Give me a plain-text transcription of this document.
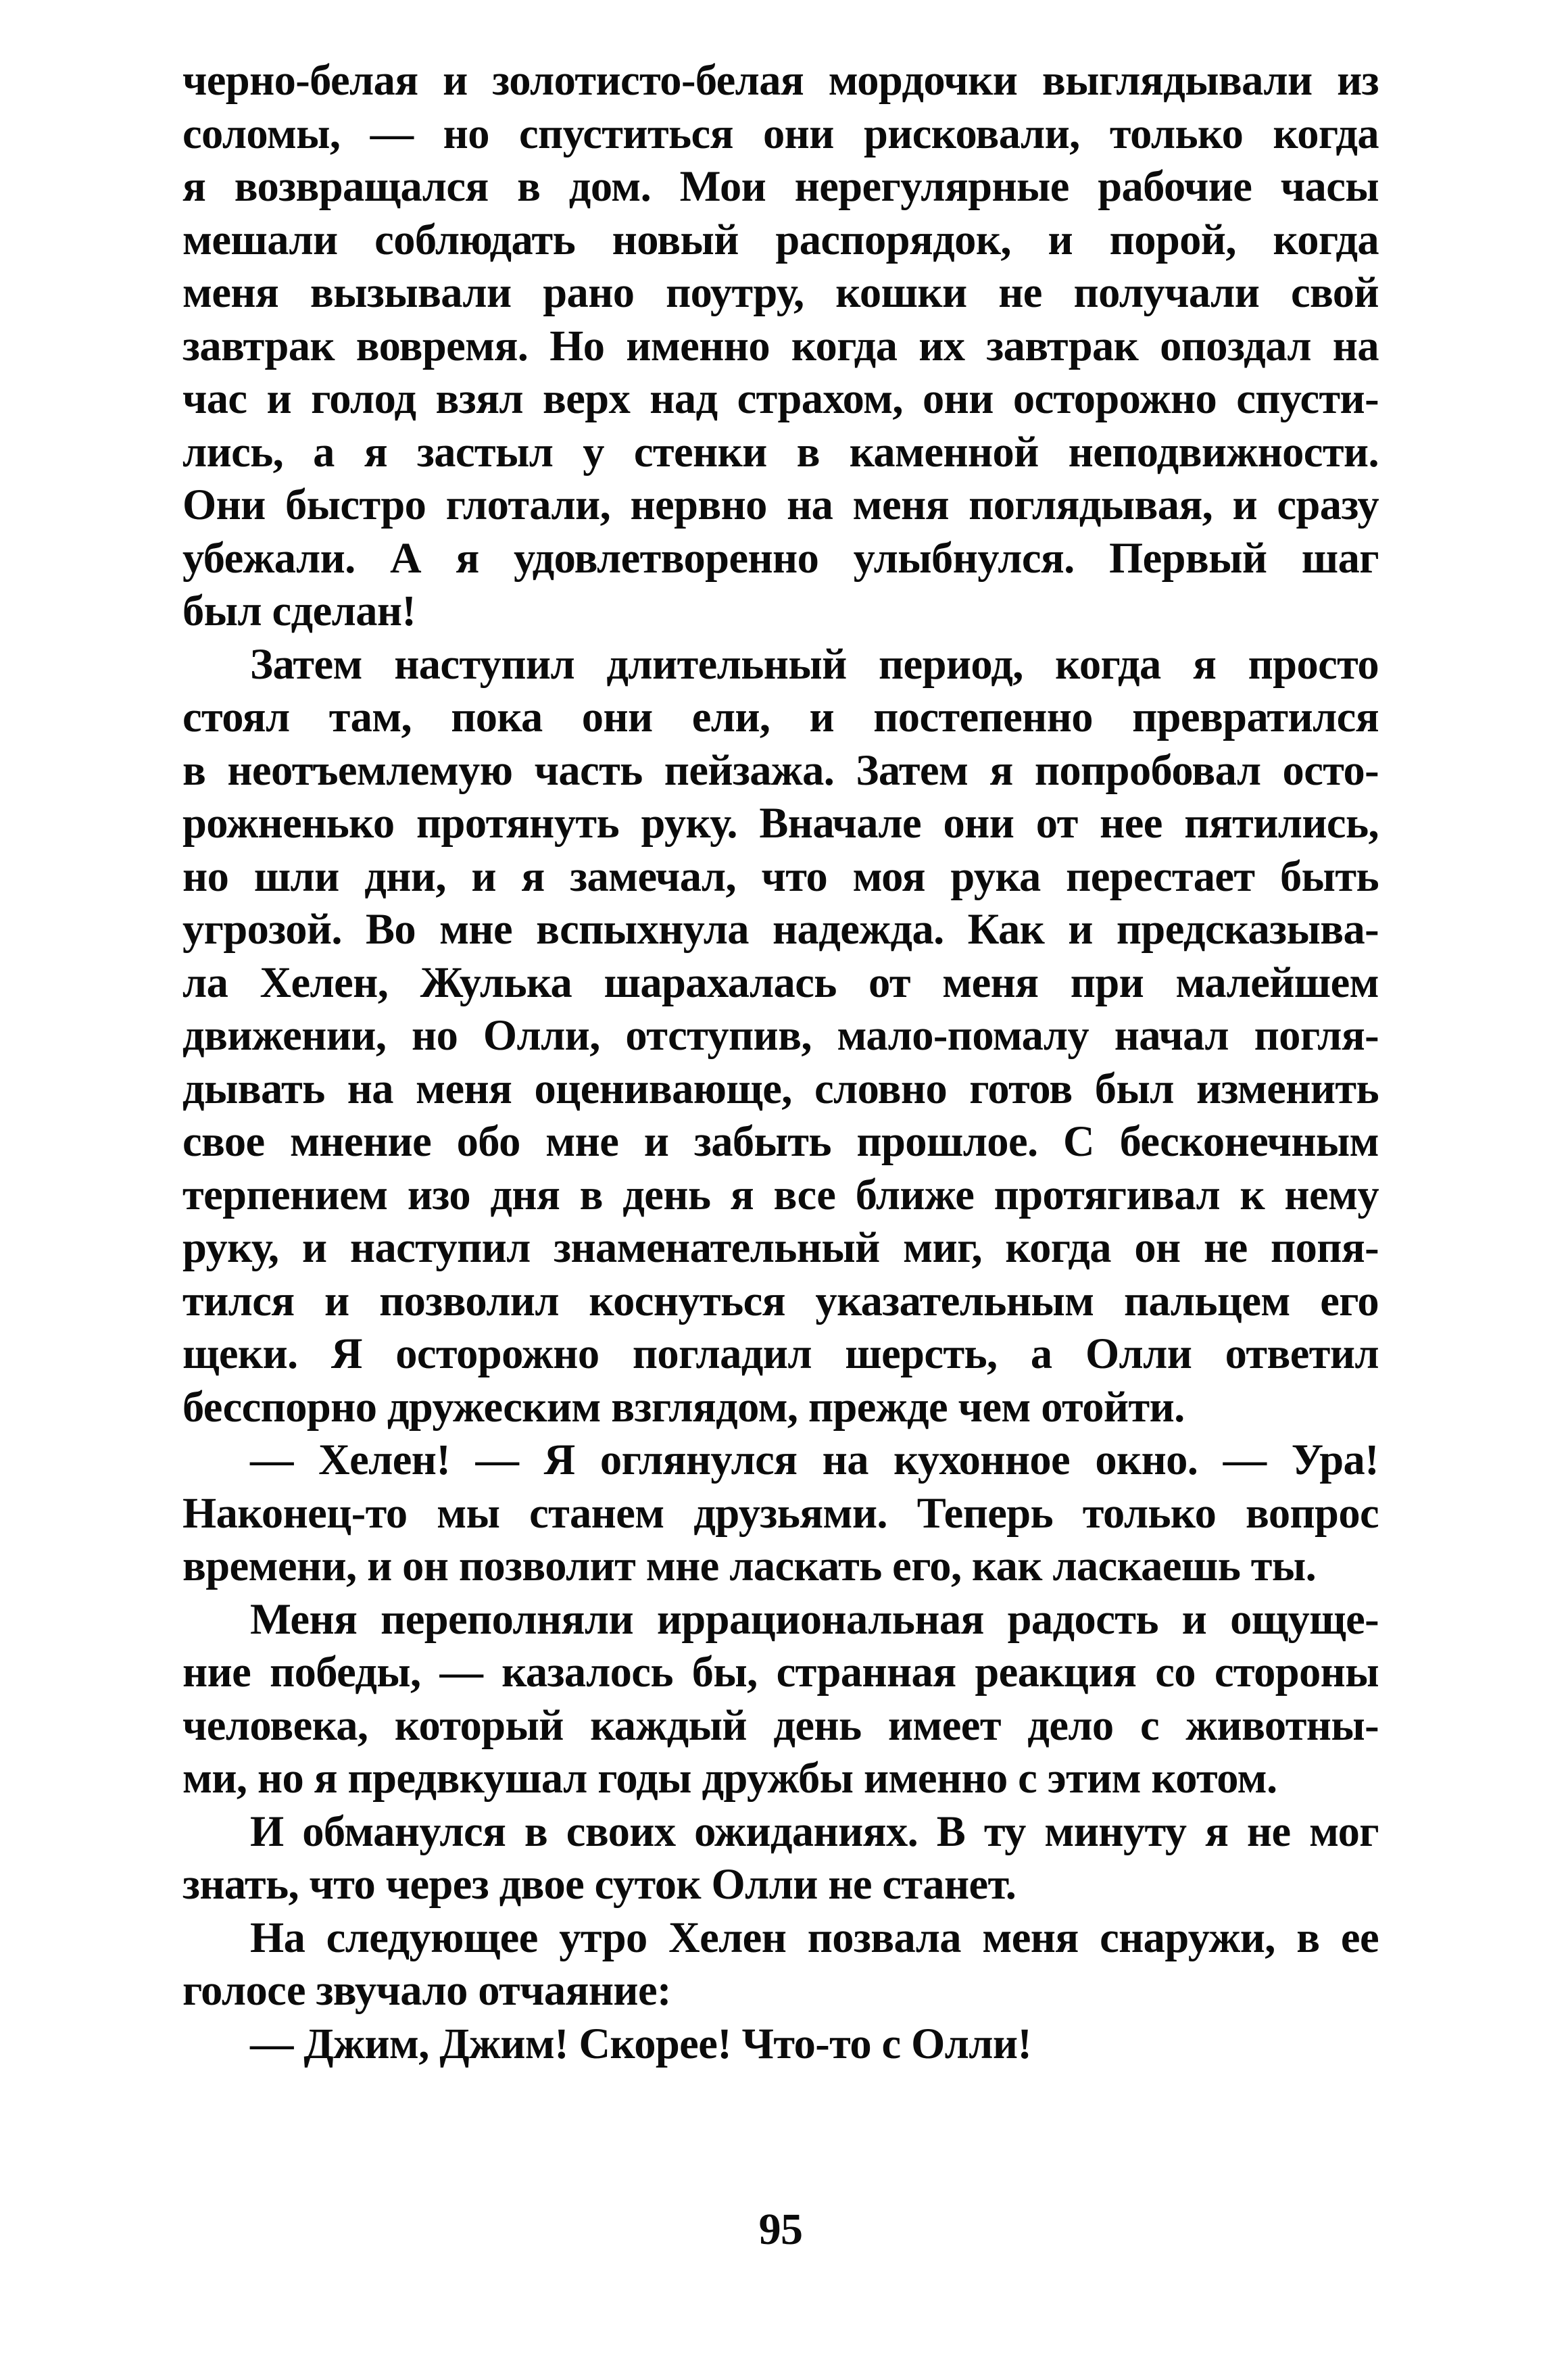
черно-белая и золотисто-белая мордочки выглядывали из
соломы, — но спуститься они рисковали, только когда
я возвращался в дом. Мои нерегулярные рабочие часы
мешали соблюдать новый распорядок, и порой, когда
меня вызывали рано поутру, кошки не получали свой
завтрак вовремя. Но именно когда их завтрак опоздал на
час и голод взял верх над страхом, они осторожно спусти-
лись, а я застыл у стенки в каменной неподвижности.
Они быстро глотали, нервно на меня поглядывая, и сразу
убежали. А я удовлетворенно улыбнулся. Первый шаг
был сделан!
Затем наступил длительный период, когда я просто
стоял там, пока они ели, и постепенно превратился
в неотъемлемую часть пейзажа. Затем я попробовал осто-
рожненько протянуть руку. Вначале они от нее пятились,
но шли дни, и я замечал, что моя рука перестает быть
угрозой. Во мне вспыхнула надежда. Как и предсказыва-
ла Хелен, Жулька шарахалась от меня при малейшем
движении, но Олли, отступив, мало-помалу начал погля-
дывать на меня оценивающе, словно готов был изменить
свое мнение обо мне и забыть прошлое. С бесконечным
терпением изо дня в день я все ближе протягивал к нему
руку, и наступил знаменательный миг, когда он не попя-
тился и позволил коснуться указательным пальцем его
щеки. Я осторожно погладил шерсть, а Олли ответил
бесспорно дружеским взглядом, прежде чем отойти.
— Хелен! — Я оглянулся на кухонное окно. — Ура!
Наконец-то мы станем друзьями. Теперь только вопрос
времени, и он позволит мне ласкать его, как ласкаешь ты.
Меня переполняли иррациональная радость и ощуще-
ние победы, — казалось бы, странная реакция со стороны
человека, который каждый день имеет дело с животны-
ми, но я предвкушал годы дружбы именно с этим котом.
И обманулся в своих ожиданиях. В ту минуту я не мог
знать, что через двое суток Олли не станет.
На следующее утро Хелен позвала меня снаружи, в ее
голосе звучало отчаяние:
— Джим, Джим! Скорее! Что-то с Олли!
95
